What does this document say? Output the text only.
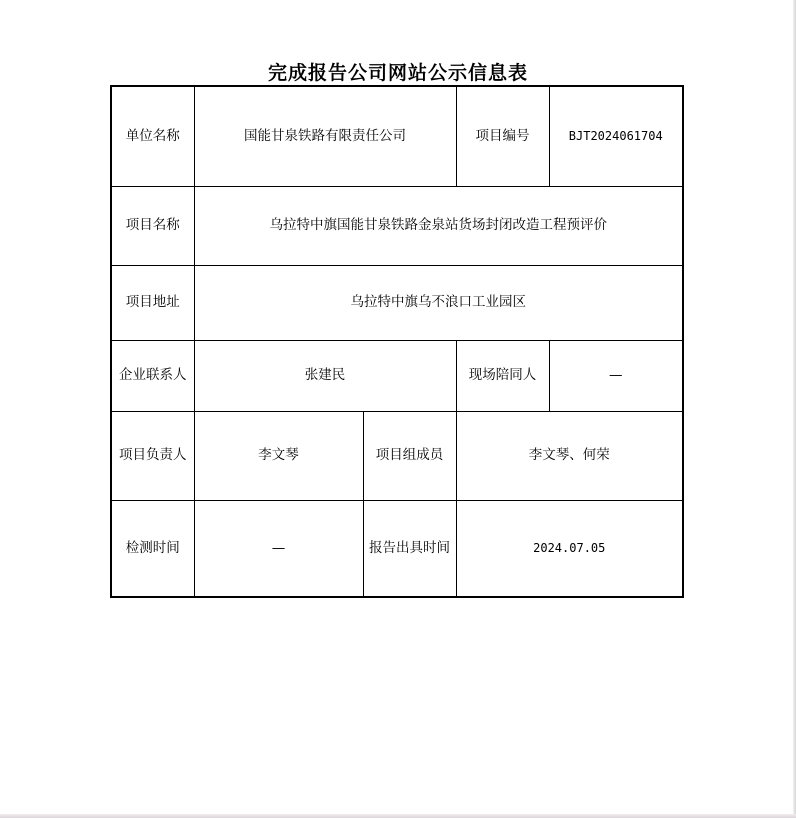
完成报告公司网站公示信息表
单位名称	国能甘泉铁路有限责任公司		项目编号	BJT2024061704
项目名称	乌拉特中旗国能甘泉铁路金泉站货场封闭改造工程预评价			
项目地址	乌拉特中旗乌不浪口工业园区			
企业联系人	张建民		现场陪同人	—
项目负责人	李文琴	项目组成员	李文琴、何荣	
检测时间	—	报告出具时间	2024.07.05	
